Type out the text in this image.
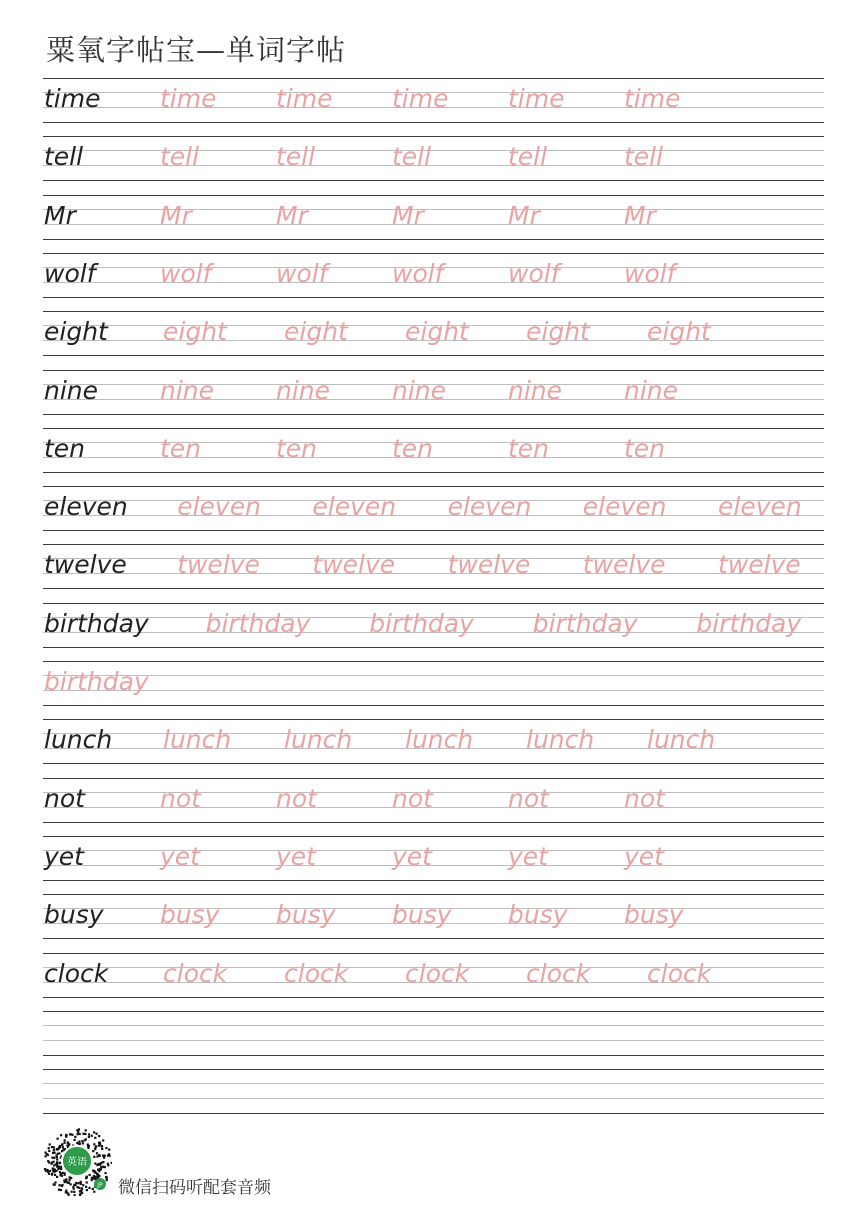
粟氧字帖宝—单词字帖
time time time time time time
tell	tell	tell	tell	tell	tell
Mr	Mr	Mr	Mr	Mr	Mr
wolf	wolf	wolf	wolf	wolf	wolf
eight eight eight eight eight eight
nine nine nine nine nine nine
ten	ten	ten	ten	ten	ten
eleven eleven eleven eleven eleven eleven
twelve twelve twelve twelve twelve twelve
birthday birthday birthday birthday birthday
birthday
lunch lunch lunch lunch lunch lunch
not	not	not	not	not	not
yet	yet	yet	yet	yet	yet
busy busy busy busy busy busy
clock clock clock clock clock clock
英语
JP 微信扫码听配套音频
